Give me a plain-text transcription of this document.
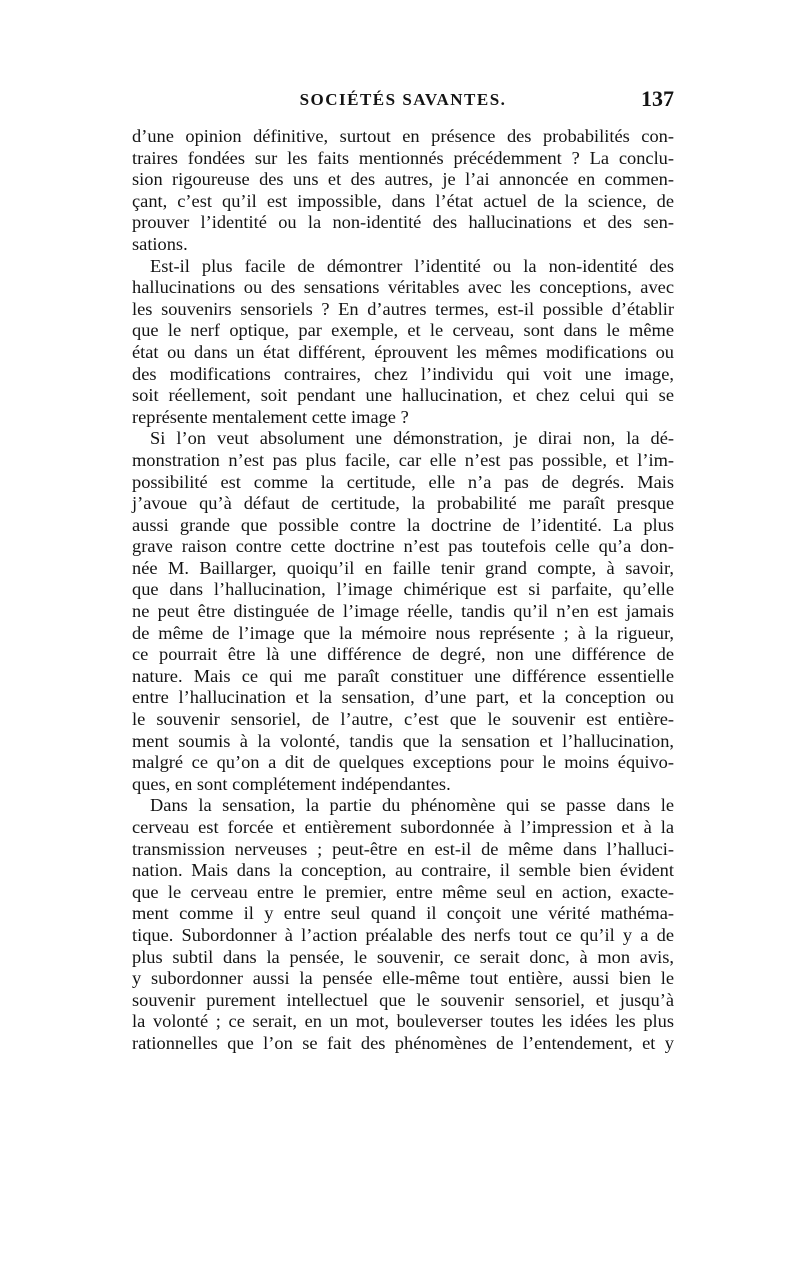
SOCIÉTÉS SAVANTES.	137
d’une opinion définitive, surtout en présence des probabilités con-
traires fondées sur les faits mentionnés précédemment ? La conclu-
sion rigoureuse des uns et des autres, je l’ai annoncée en commen-
çant, c’est qu’il est impossible, dans l’état actuel de la science, de
prouver l’identité ou la non-identité des hallucinations et des sen-
sations.
Est-il plus facile de démontrer l’identité ou la non-identité des
hallucinations ou des sensations véritables avec les conceptions, avec
les souvenirs sensoriels ? En d’autres termes, est-il possible d’établir
que le nerf optique, par exemple, et le cerveau, sont dans le même
état ou dans un état différent, éprouvent les mêmes modifications ou
des modifications contraires, chez l’individu qui voit une image,
soit réellement, soit pendant une hallucination, et chez celui qui se
représente mentalement cette image ?
Si l’on veut absolument une démonstration, je dirai non, la dé-
monstration n’est pas plus facile, car elle n’est pas possible, et l’im-
possibilité est comme la certitude, elle n’a pas de degrés. Mais
j’avoue qu’à défaut de certitude, la probabilité me paraît presque
aussi grande que possible contre la doctrine de l’identité. La plus
grave raison contre cette doctrine n’est pas toutefois celle qu’a don-
née M. Baillarger, quoiqu’il en faille tenir grand compte, à savoir,
que dans l’hallucination, l’image chimérique est si parfaite, qu’elle
ne peut être distinguée de l’image réelle, tandis qu’il n’en est jamais
de même de l’image que la mémoire nous représente ; à la rigueur,
ce pourrait être là une différence de degré, non une différence de
nature. Mais ce qui me paraît constituer une différence essentielle
entre l’hallucination et la sensation, d’une part, et la conception ou
le souvenir sensoriel, de l’autre, c’est que le souvenir est entière-
ment soumis à la volonté, tandis que la sensation et l’hallucination,
malgré ce qu’on a dit de quelques exceptions pour le moins équivo-
ques, en sont complétement indépendantes.
Dans la sensation, la partie du phénomène qui se passe dans le
cerveau est forcée et entièrement subordonnée à l’impression et à la
transmission nerveuses ; peut-être en est-il de même dans l’halluci-
nation. Mais dans la conception, au contraire, il semble bien évident
que le cerveau entre le premier, entre même seul en action, exacte-
ment comme il y entre seul quand il conçoit une vérité mathéma-
tique. Subordonner à l’action préalable des nerfs tout ce qu’il y a de
plus subtil dans la pensée, le souvenir, ce serait donc, à mon avis,
y subordonner aussi la pensée elle-même tout entière, aussi bien le
souvenir purement intellectuel que le souvenir sensoriel, et jusqu’à
la volonté ; ce serait, en un mot, bouleverser toutes les idées les plus
rationnelles que l’on se fait des phénomènes de l’entendement, et y
